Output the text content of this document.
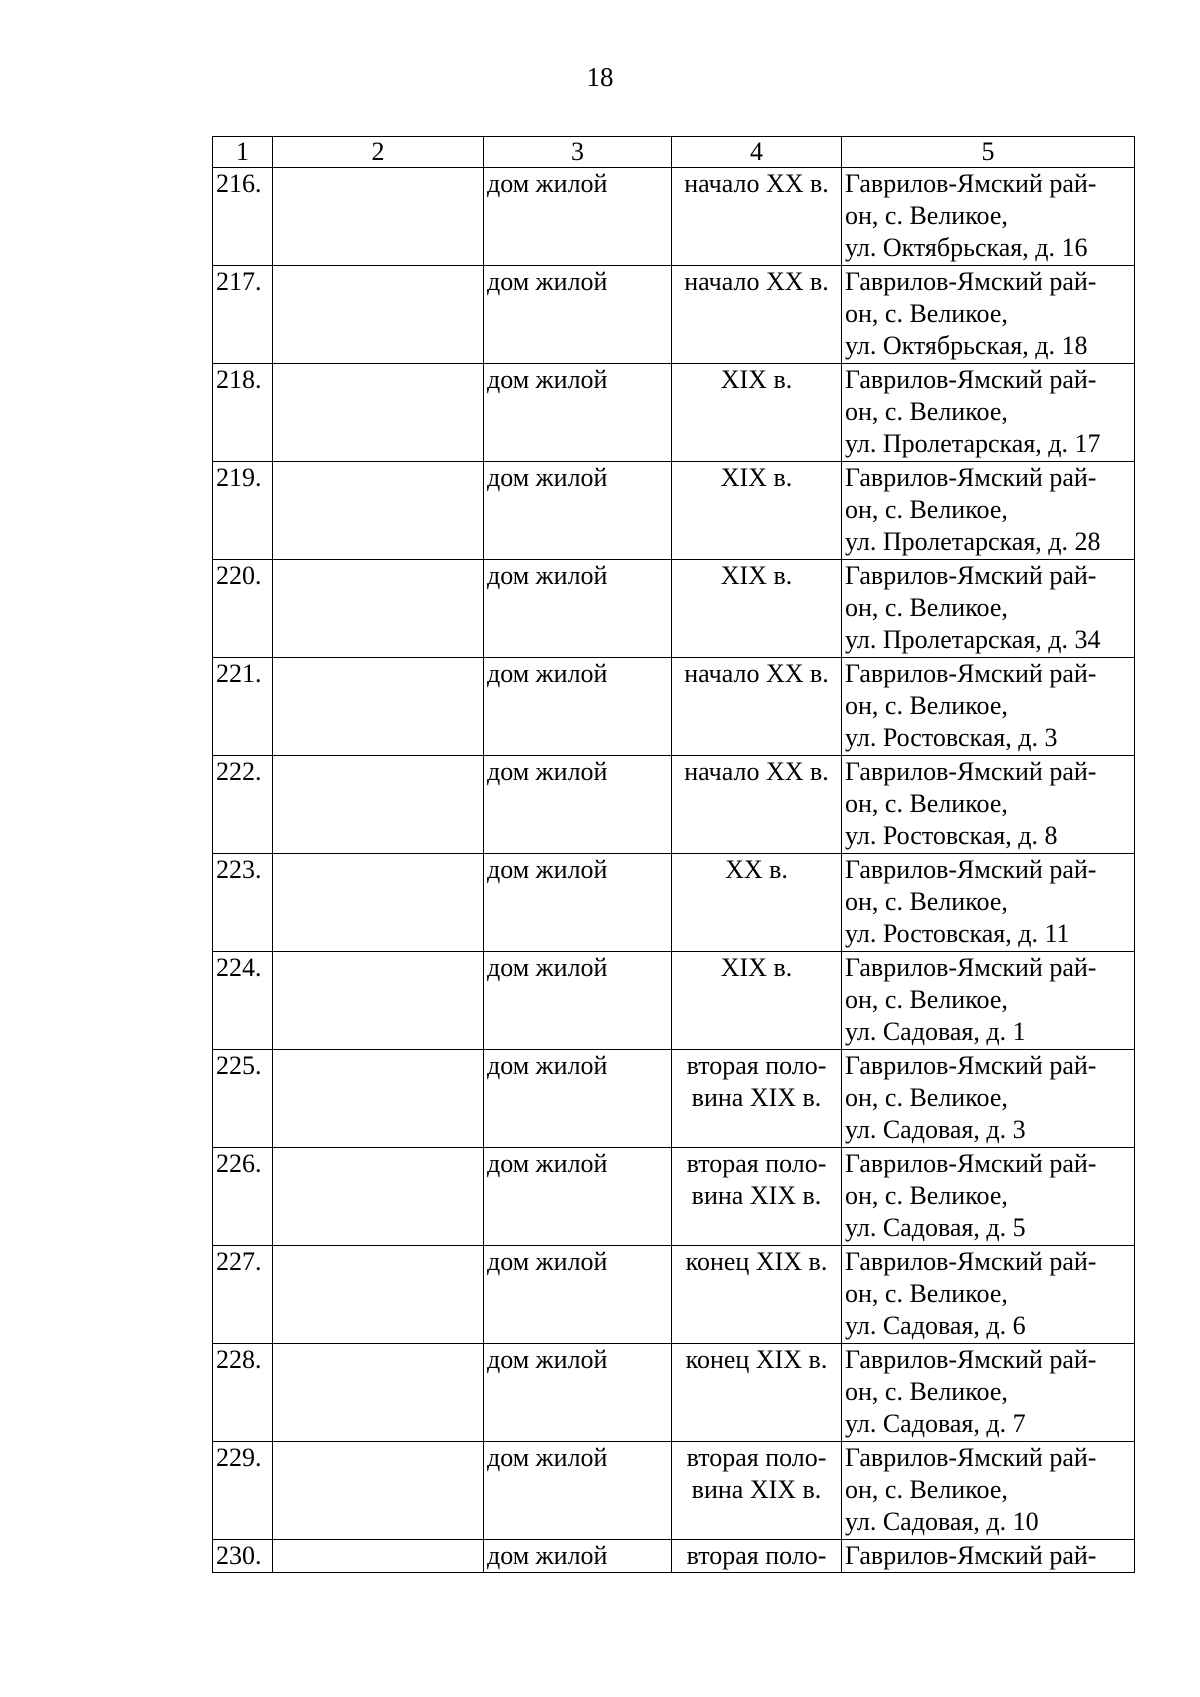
18
1	2	3	4	5
216.		дом жилой	начало XX в.	Гаврилов-Ямский рай-
он, с. Великое,
ул. Октябрьская, д. 16
217.		дом жилой	начало XX в.	Гаврилов-Ямский рай-
он, с. Великое,
ул. Октябрьская, д. 18
218.		дом жилой	XIX в.	Гаврилов-Ямский рай-
он, с. Великое,
ул. Пролетарская, д. 17
219.		дом жилой	XIX в.	Гаврилов-Ямский рай-
он, с. Великое,
ул. Пролетарская, д. 28
220.		дом жилой	XIX в.	Гаврилов-Ямский рай-
он, с. Великое,
ул. Пролетарская, д. 34
221.		дом жилой	начало XX в.	Гаврилов-Ямский рай-
он, с. Великое,
ул. Ростовская, д. 3
222.		дом жилой	начало XX в.	Гаврилов-Ямский рай-
он, с. Великое,
ул. Ростовская, д. 8
223.		дом жилой	XX в.	Гаврилов-Ямский рай-
он, с. Великое,
ул. Ростовская, д. 11
224.		дом жилой	XIX в.	Гаврилов-Ямский рай-
он, с. Великое,
ул. Садовая, д. 1
225.		дом жилой	вторая поло-
вина XIX в.	Гаврилов-Ямский рай-
он, с. Великое,
ул. Садовая, д. 3
226.		дом жилой	вторая поло-
вина XIX в.	Гаврилов-Ямский рай-
он, с. Великое,
ул. Садовая, д. 5
227.		дом жилой	конец XIX в.	Гаврилов-Ямский рай-
он, с. Великое,
ул. Садовая, д. 6
228.		дом жилой	конец XIX в.	Гаврилов-Ямский рай-
он, с. Великое,
ул. Садовая, д. 7
229.		дом жилой	вторая поло-
вина XIX в.	Гаврилов-Ямский рай-
он, с. Великое,
ул. Садовая, д. 10
230.		дом жилой	вторая поло-	Гаврилов-Ямский рай-
